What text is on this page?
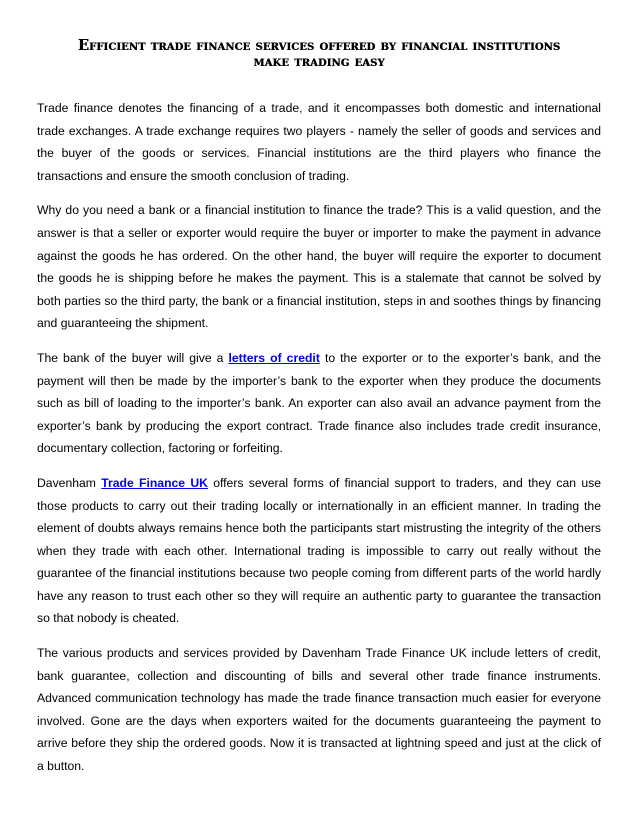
Efficient trade finance services offered by financial institutions
make trading easy

Trade finance denotes the financing of a trade, and it encompasses both domestic and international trade exchanges. A trade exchange requires two players - namely the seller of goods and services and the buyer of the goods or services. Financial institutions are the third players who finance the transactions and ensure the smooth conclusion of trading.

Why do you need a bank or a financial institution to finance the trade? This is a valid question, and the answer is that a seller or exporter would require the buyer or importer to make the payment in advance against the goods he has ordered. On the other hand, the buyer will require the exporter to document the goods he is shipping before he makes the payment. This is a stalemate that cannot be solved by both parties so the third party, the bank or a financial institution, steps in and soothes things by financing and guaranteeing the shipment.

The bank of the buyer will give a letters of credit to the exporter or to the exporter’s bank, and the payment will then be made by the importer’s bank to the exporter when they produce the documents such as bill of loading to the importer’s bank. An exporter can also avail an advance payment from the exporter’s bank by producing the export contract. Trade finance also includes trade credit insurance, documentary collection, factoring or forfeiting.

Davenham Trade Finance UK offers several forms of financial support to traders, and they can use those products to carry out their trading locally or internationally in an efficient manner. In trading the element of doubts always remains hence both the participants start mistrusting the integrity of the others when they trade with each other. International trading is impossible to carry out really without the guarantee of the financial institutions because two people coming from different parts of the world hardly have any reason to trust each other so they will require an authentic party to guarantee the transaction so that nobody is cheated.

The various products and services provided by Davenham Trade Finance UK include letters of credit, bank guarantee, collection and discounting of bills and several other trade finance instruments. Advanced communication technology has made the trade finance transaction much easier for everyone involved. Gone are the days when exporters waited for the documents guaranteeing the payment to arrive before they ship the ordered goods. Now it is transacted at lightning speed and just at the click of a button.
